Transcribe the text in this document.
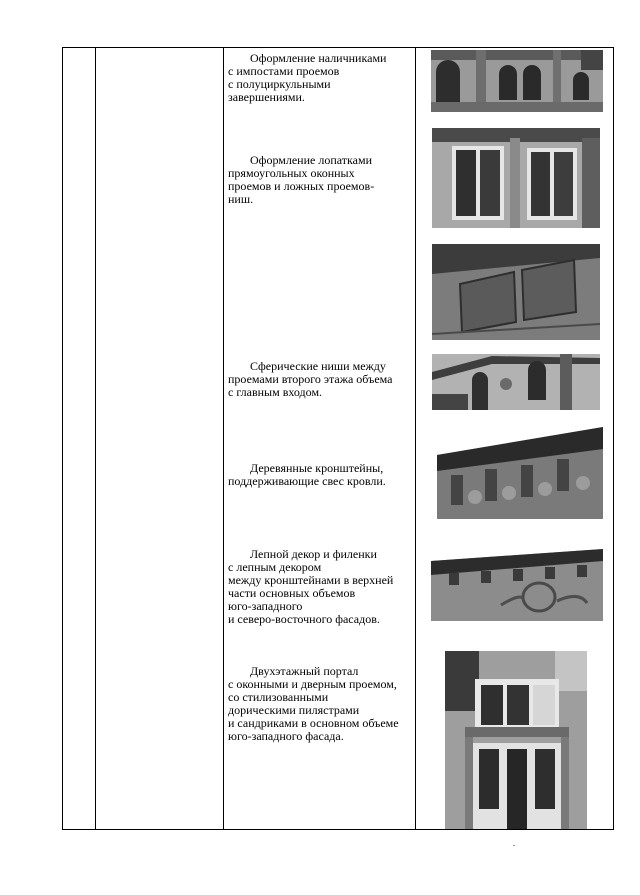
Оформление наличниками
с импостами проемов
с полуциркульными
завершениями.
Оформление лопатками
прямоугольных оконных
проемов и ложных проемов-
ниш.
Сферические ниши между
проемами второго этажа объема
с главным входом.
Деревянные кронштейны,
поддерживающие свес кровли.
Лепной декор и филенки
с лепным декором
между кронштейнами в верхней
части основных объемов
юго-западного
и северо-восточного фасадов.
Двухэтажный портал
с оконными и дверным проемом,
со стилизованными
дорическими пилястрами
и сандриками в основном объеме
юго-западного фасада.
